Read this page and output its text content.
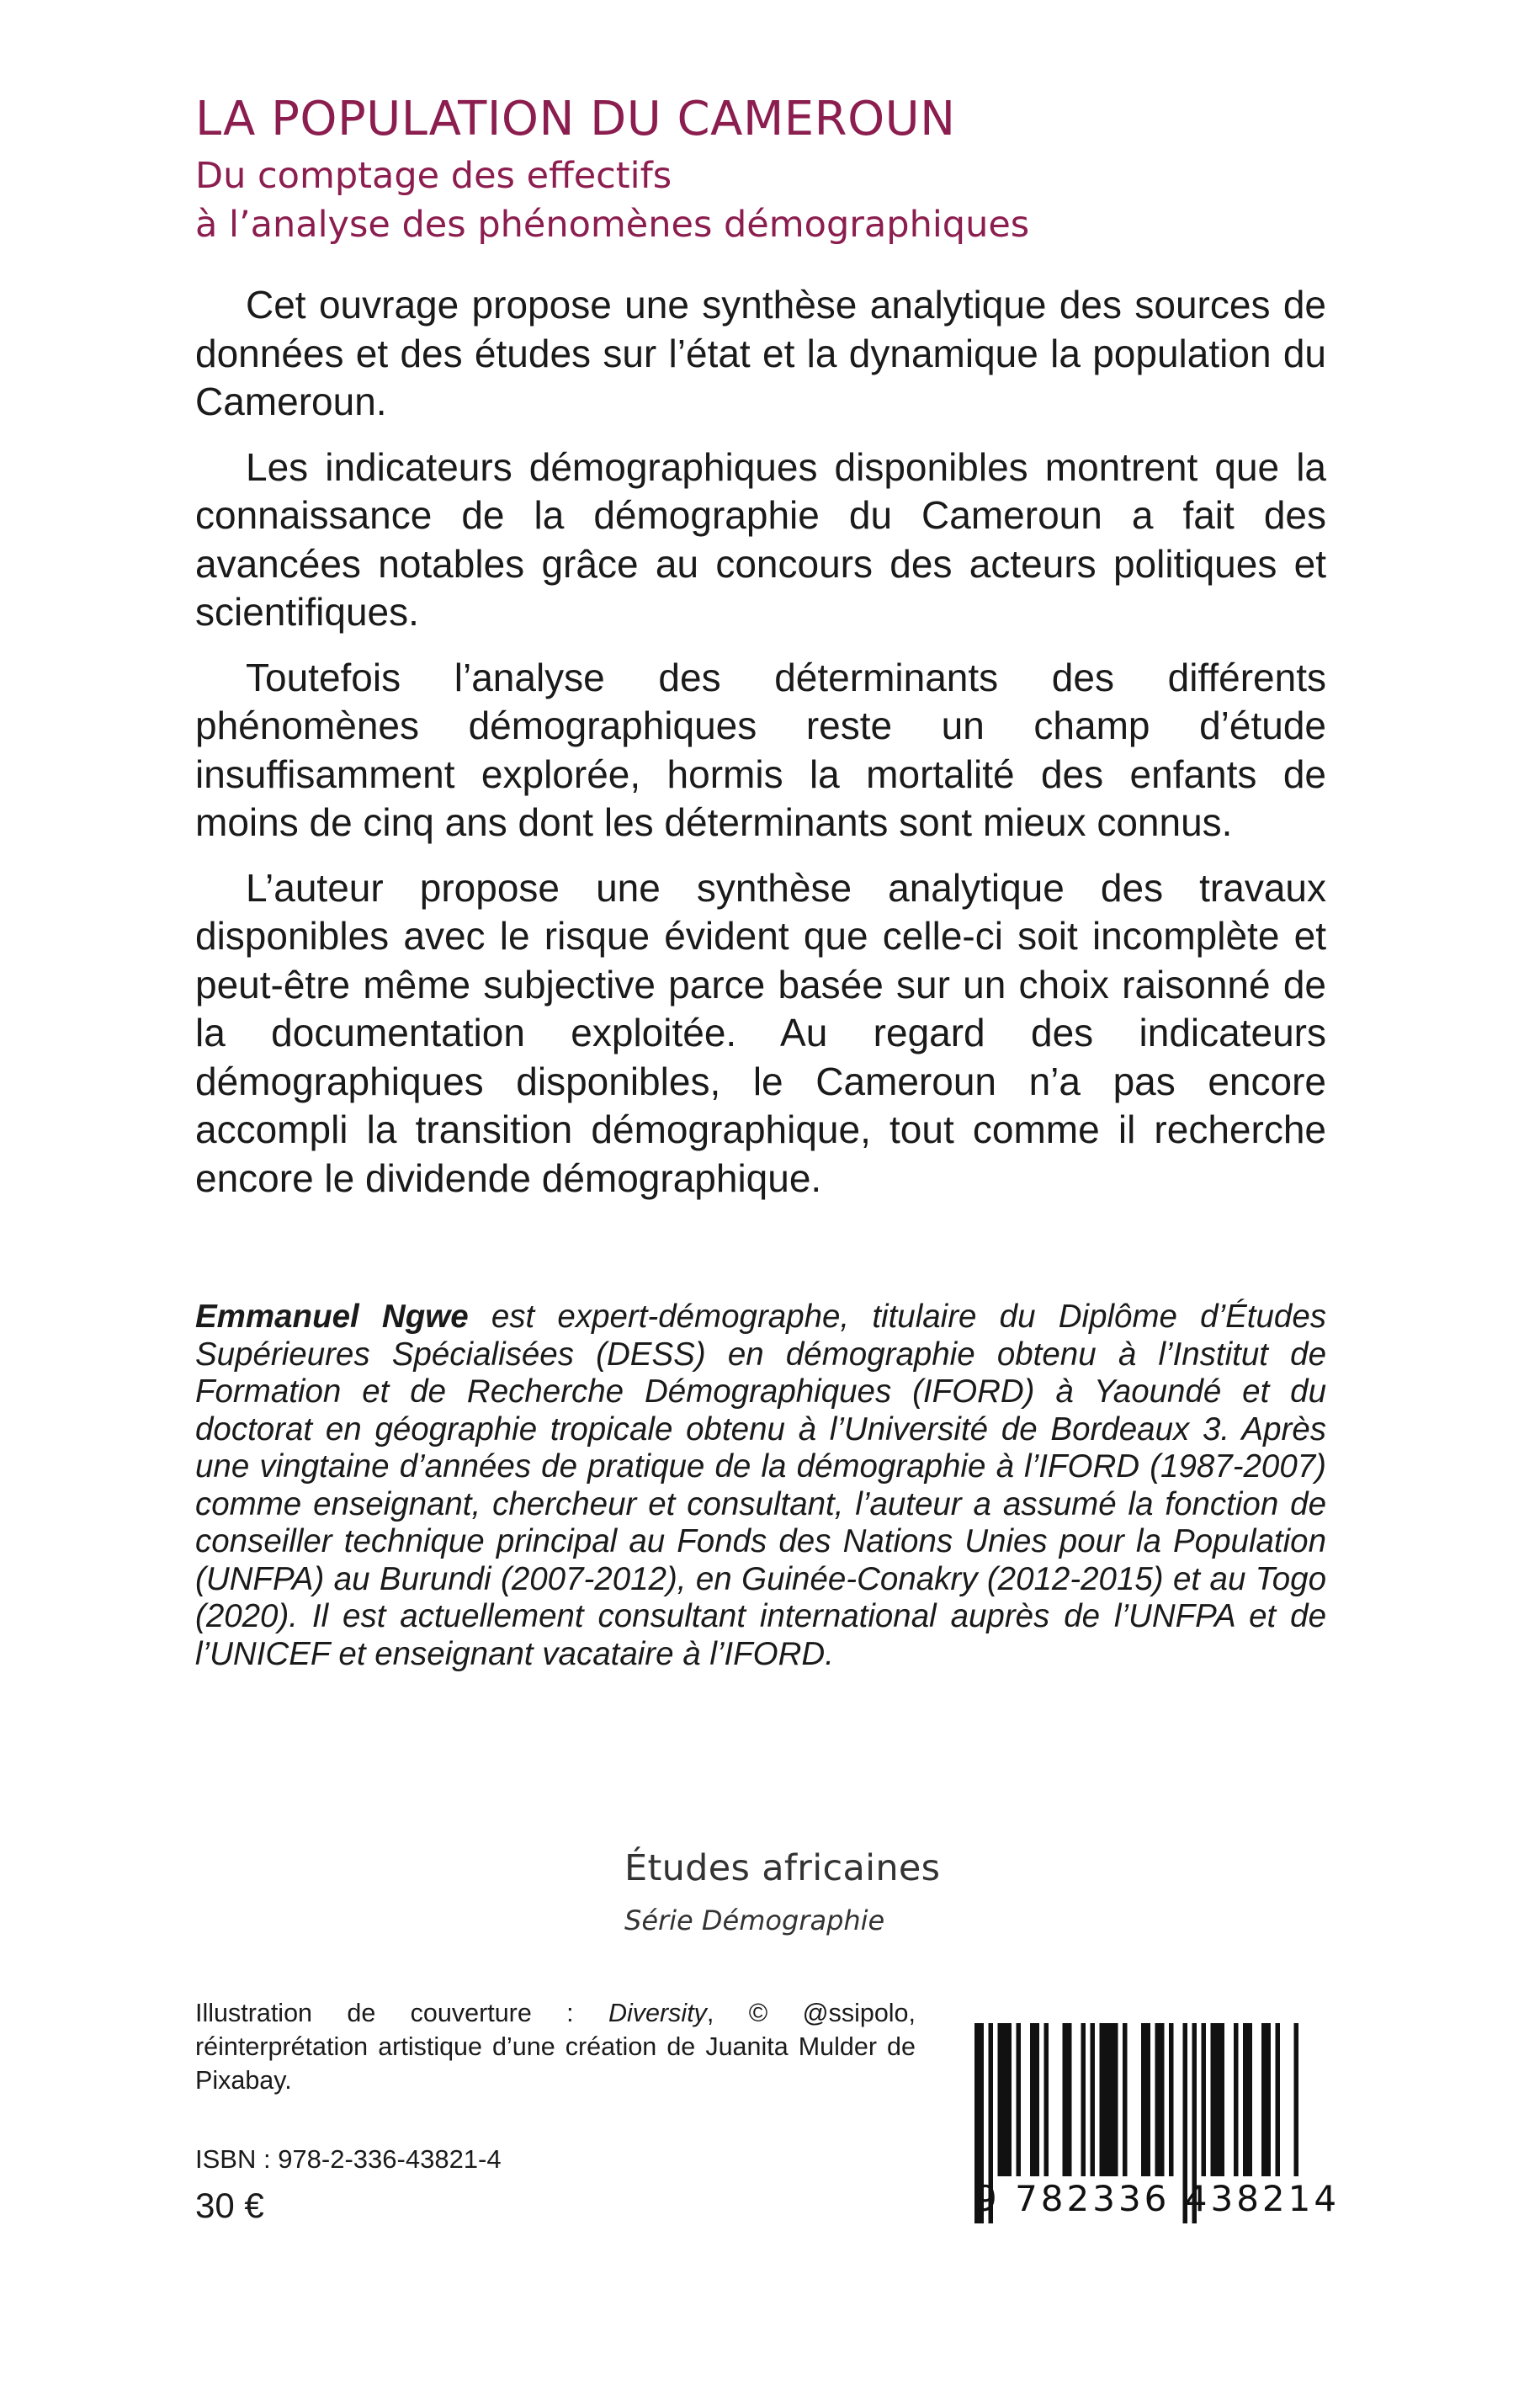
LA POPULATION DU CAMEROUN

Du comptage des effectifs

à l’analyse des phénomènes démographiques

Cet ouvrage propose une synthèse analytique des sources de données et des études sur l’état et la dynamique la population du Cameroun.

Les indicateurs démographiques disponibles montrent que la connaissance de la démographie du Cameroun a fait des avancées notables grâce au concours des acteurs politiques et scientifiques.

Toutefois l’analyse des déterminants des différents phénomènes démographiques reste un champ d’étude insuffisamment explorée, hormis la mortalité des enfants de moins de cinq ans dont les déterminants sont mieux connus.

L’auteur propose une synthèse analytique des travaux disponibles avec le risque évident que celle-ci soit incomplète et peut-être même subjective parce basée sur un choix raisonné de la documentation exploitée. Au regard des indicateurs démographiques disponibles, le Cameroun n’a pas encore accompli la transition démographique, tout comme il recherche encore le dividende démographique.

Emmanuel Ngwe est expert-démographe, titulaire du Diplôme d’Études Supérieures Spécialisées (DESS) en démographie obtenu à l’Institut de Formation et de Recherche Démographiques (IFORD) à Yaoundé et du doctorat en géographie tropicale obtenu à l’Université de Bordeaux 3. Après une vingtaine d’années de pratique de la démographie à l’IFORD (1987-2007) comme enseignant, chercheur et consultant, l’auteur a assumé la fonction de conseiller technique principal au Fonds des Nations Unies pour la Population (UNFPA) au Burundi (2007-2012), en Guinée-Conakry (2012-2015) et au Togo (2020). Il est actuellement consultant international auprès de l’UNFPA et de l’UNICEF et enseignant vacataire à l’IFORD.

Études africaines

Série Démographie

Illustration de couverture : Diversity, © @ssipolo, réinterprétation artistique d’une création de Juanita Mulder de Pixabay.

ISBN : 978-2-336-43821-4

30 €	9 782336 438214
